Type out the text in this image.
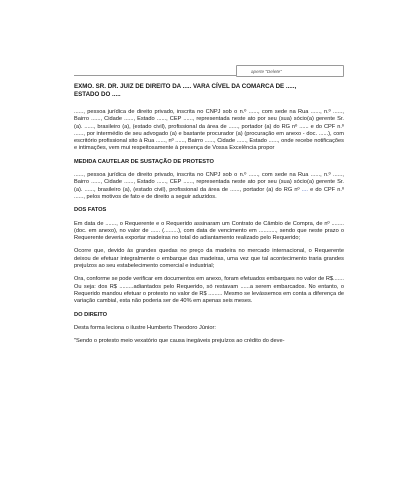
aperte "Delete"
EXMO. SR. DR. JUIZ DE DIREITO DA ..... VARA CÍVEL DA COMARCA DE .....,
ESTADO DO .....

......, pessoa jurídica de direito privado, inscrita no CNPJ sob o n.º ......, com sede na Rua ......, n.º ......, Bairro ......, Cidade ......, Estado ......, CEP ......, representada neste ato por seu (sua) sócio(a) gerente Sr. (a). ......, brasileiro (a), (estado civil), profissional da área de ......, portador (a) do RG nº ...... e do CPF n.º ......, por intermédio de seu advogado (a) e bastante procurador (a) (procuração em anexo - doc. ......), com escritório profissional sito à Rua ......, nº ......, Bairro ......, Cidade ......, Estado ......, onde recebe notificações e intimações, vem mui respeitosamente à presença de Vossa Excelência propor

MEDIDA CAUTELAR DE SUSTAÇÃO DE PROTESTO

......, pessoa jurídica de direito privado, inscrita no CNPJ sob o n.º ......, com sede na Rua ......, n.º ......, Bairro ......, Cidade ......, Estado ......, CEP ......, representada neste ato por seu (sua) sócio(a) gerente Sr. (a). ......, brasileiro (a), (estado civil), profissional da área de ......, portador (a) do RG nº .... e do CPF n.º ......, pelos motivos de fato e de direito a seguir aduzidos.

DOS FATOS

Em data de ......., o Requerente e o Requerido assinaram um Contrato de Câmbio de Compra, de nº ........(doc. em anexo), no valor de ...... (.........), com data de vencimento em ..........., sendo que neste prazo o Requerente deveria exportar madeiras no total do adiantamento realizado pelo Requerido;

Ocorre que, devido às grandes quedas no preço da madeira no mercado internacional, o Requerente deixou de efetuar integralmente o embarque das madeiras, uma vez que tal acontecimento traria grandes prejuízos ao seu estabelecimento comercial e industrial;

Ora, conforme se pode verificar em documentos em anexo, foram efetuados embarques no valor de R$....... Ou seja: dos R$ .........adiantados pelo Requerido, só restavam ......a serem embarcados. No entanto, o Requerido mandou efetuar o protesto no valor de R$ ......... Mesmo se levássemos em conta a diferença de variação cambial, esta não poderia ser de 40% em apenas seis meses.

DO DIREITO

Desta forma leciona o ilustre Humberto Theodoro Júnior:

"Sendo o protesto meio vexatório que causa inegáveis prejuízos ao crédito do deve-
